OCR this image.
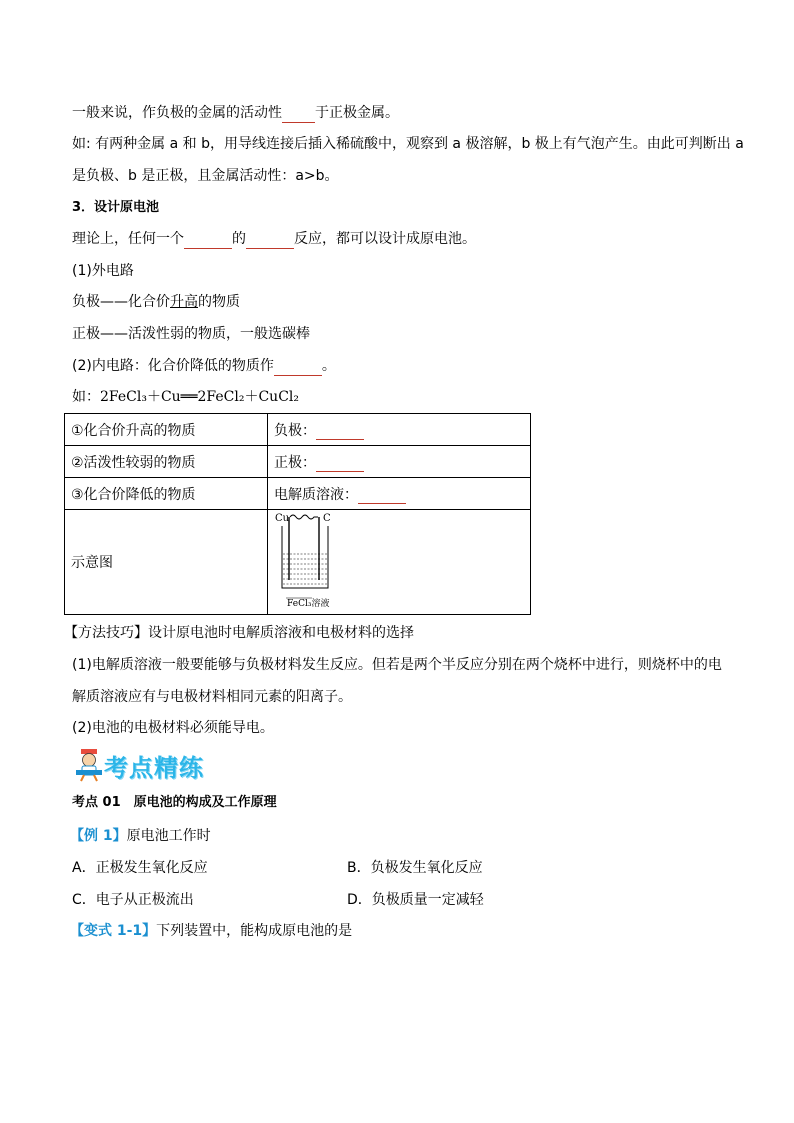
一般来说，作负极的金属的活动性 于正极金属。
如: 有两种金属 a 和 b，用导线连接后插入稀硫酸中，观察到 a 极溶解，b 极上有气泡产生。由此可判断出 a
是负极、b 是正极，且金属活动性：a>b。
3．设计原电池
理论上，任何一个	的	反应，都可以设计成原电池。
(1)外电路
负极——化合价升高的物质
正极——活泼性弱的物质，一般选碳棒
(2)内电路：化合价降低的物质作	。
如：2FeCl₃＋Cu══2FeCl₂＋CuCl₂
①化合价升高的物质	负极：
②活泼性较弱的物质	正极：
③化合价降低的物质	电解质溶液：
示意图	Cu C
FeCl₃溶液
【方法技巧】设计原电池时电解质溶液和电极材料的选择
(1)电解质溶液一般要能够与负极材料发生反应。但若是两个半反应分别在两个烧杯中进行，则烧杯中的电
解质溶液应有与电极材料相同元素的阳离子。
(2)电池的电极材料必须能导电。
考点精练
考点 01　原电池的构成及工作原理
【例 1】原电池工作时
A．正极发生氧化反应	B．负极发生氧化反应
C．电子从正极流出	D．负极质量一定减轻
【变式 1-1】下列装置中，能构成原电池的是
